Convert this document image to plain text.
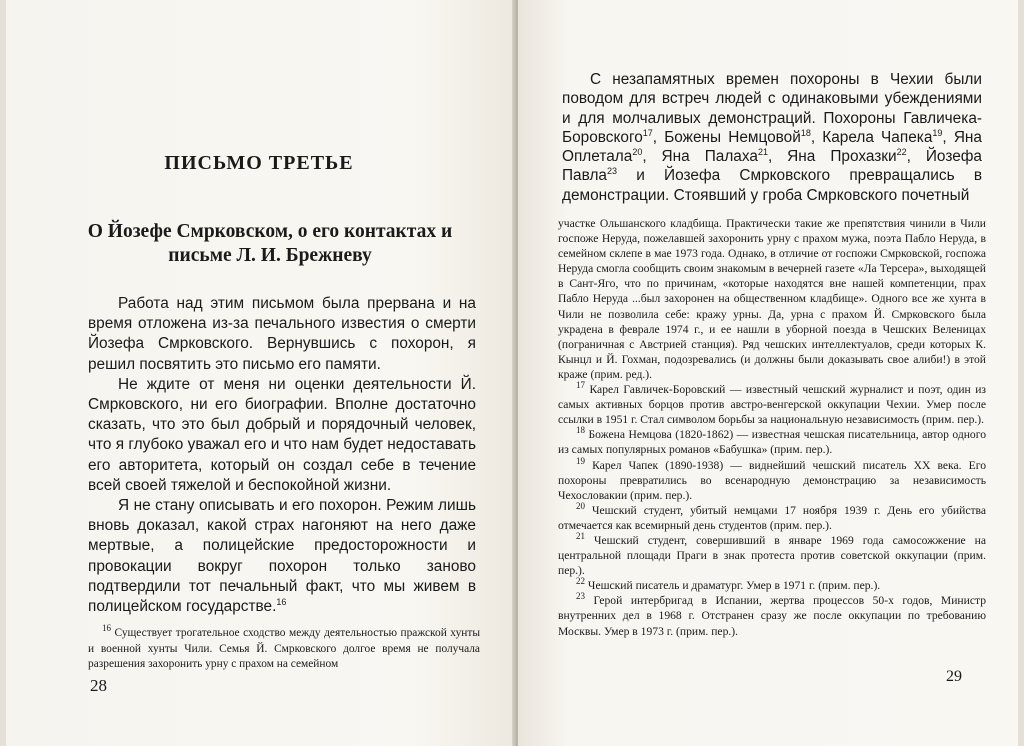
ПИСЬМО ТРЕТЬЕ
О Йозефе Смрковском, о его контактах и письме Л. И. Брежневу

Работа над этим письмом была прервана и на время отложена из-за печального известия о смерти Йозефа Смрковского. Вернувшись с похорон, я решил посвятить это письмо его памяти.

Не ждите от меня ни оценки деятельности Й. Смрковского, ни его биографии. Вполне достаточно сказать, что это был добрый и порядочный человек, что я глубоко уважал его и что нам будет недоставать его авторитета, который он создал себе в течение всей своей тяжелой и беспокойной жизни.

Я не стану описывать и его похорон. Режим лишь вновь доказал, какой страх нагоняют на него даже мертвые, а полицейские предосторожности и провокации вокруг похорон только заново подтвердили тот печальный факт, что мы живем в полицейском государстве.$^{16}$

$^{16}$ Существует трогательное сходство между деятельностью пражской хунты и военной хунты Чили. Семья Й. Смрковского долгое время не получала разрешения захоронить урну с прахом на семейном
28
С незапамятных времен похороны в Чехии были поводом для встреч людей с одинаковыми убеждениями и для молчаливых демонстраций. Похороны Гавличека-Боровского$^{17}$, Божены Немцовой$^{18}$, Карела Чапека$^{19}$, Яна Оплетала$^{20}$, Яна Палаха$^{21}$, Яна Прохазки$^{22}$, Йозефа Павла$^{23}$ и Йозефа Смрковского превращались в демонстрации. Стоявший у гроба Смрковского почетный

участке Ольшанского кладбища. Практически такие же препятствия чинили в Чили госпоже Неруда, пожелавшей захоронить урну с прахом мужа, поэта Пабло Неруда, в семейном склепе в мае 1973 года. Однако, в отличие от госпожи Смрковской, госпожа Неруда смогла сообщить своим знакомым в вечерней газете «Ла Терсера», выходящей в Сант-Яго, что по причинам, «которые находятся вне нашей компетенции, прах Пабло Неруда ...был захоронен на общественном кладбище». Одного все же хунта в Чили не позволила себе: кражу урны. Да, урна с прахом Й. Смрковского была украдена в феврале 1974 г., и ее нашли в уборной поезда в Чешских Веленицах (пограничная с Австрией станция). Ряд чешских интеллектуалов, среди которых К. Кынцл и Й. Гохман, подозревались (и должны были доказывать свое алиби!) в этой краже (прим. ред.).

$^{17}$ Карел Гавличек-Боровский — известный чешский журналист и поэт, один из самых активных борцов против австро-венгерской оккупации Чехии. Умер после ссылки в 1951 г. Стал символом борьбы за национальную независимость (прим. пер.).

$^{18}$ Божена Немцова (1820-1862) — известная чешская писательница, автор одного из самых популярных романов «Бабушка» (прим. пер.).

$^{19}$ Карел Чапек (1890-1938) — виднейший чешский писатель XX века. Его похороны превратились во всенародную демонстрацию за независимость Чехословакии (прим. пер.).

$^{20}$ Чешский студент, убитый немцами 17 ноября 1939 г. День его убийства отмечается как всемирный день студентов (прим. пер.).

$^{21}$ Чешский студент, совершивший в январе 1969 года самосожжение на центральной площади Праги в знак протеста против советской оккупации (прим. пер.).

$^{22}$ Чешский писатель и драматург. Умер в 1971 г. (прим. пер.).

$^{23}$ Герой интербригад в Испании, жертва процессов 50-х годов, Министр внутренних дел в 1968 г. Отстранен сразу же после оккупации по требованию Москвы. Умер в 1973 г. (прим. пер.).

29
